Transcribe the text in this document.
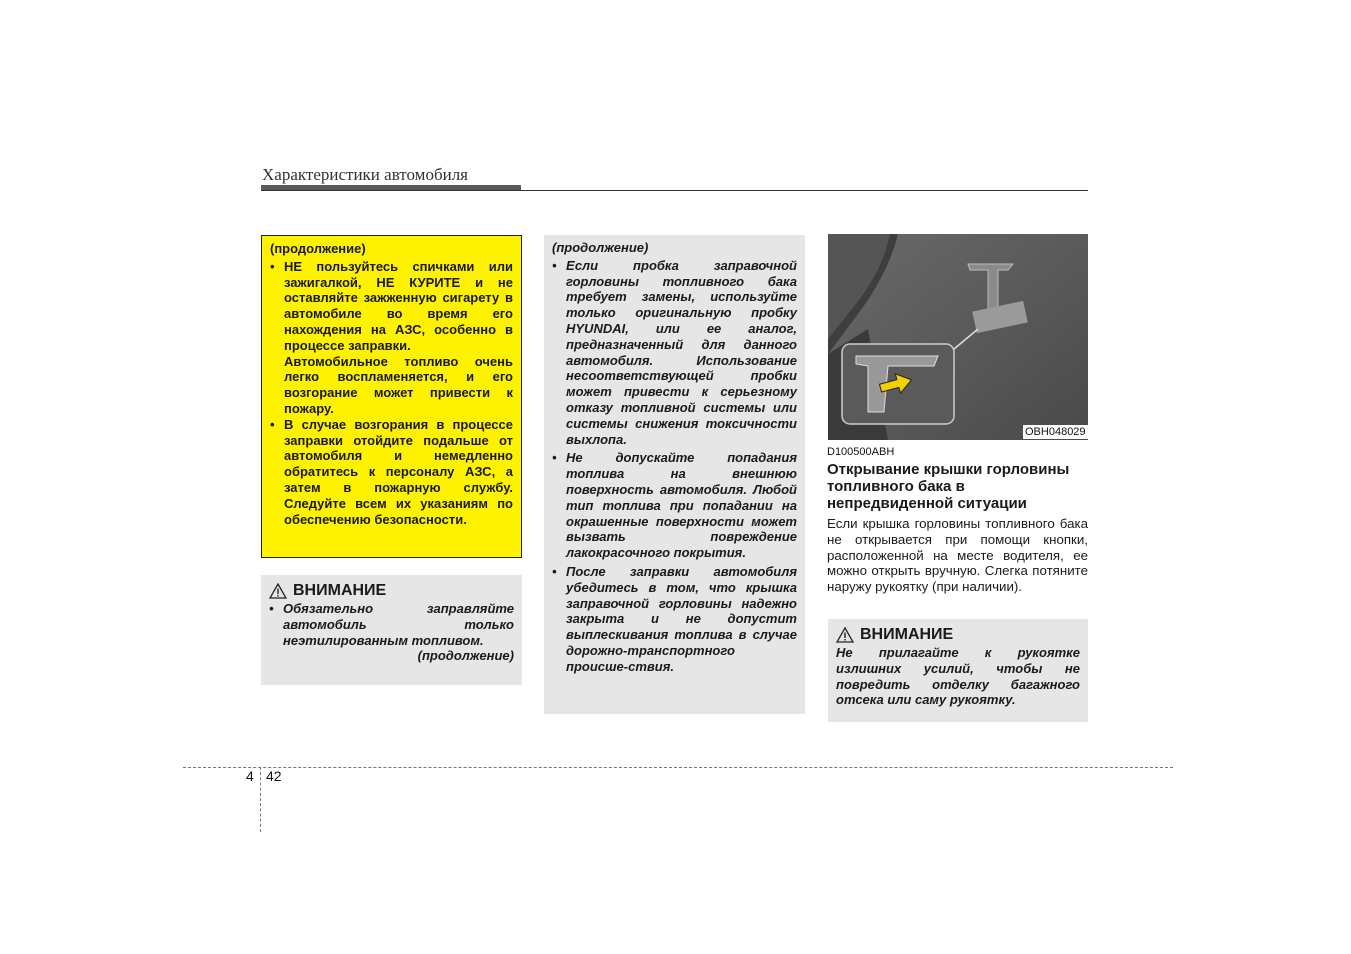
Характеристики автомобиля
(продолжение)
• НЕ пользуйтесь спичками или зажигалкой, НЕ КУРИТЕ и не оставляйте зажженную сигарету в автомобиле во время его нахождения на АЗС, особенно в процессе заправки.
Автомобильное топливо очень легко воспламеняется, и его возгорание может привести к пожару.
• В случае возгорания в процессе заправки отойдите подальше от автомобиля и немедленно обратитесь к персоналу АЗС, а затем в пожарную службу. Следуйте всем их указаниям по обеспечению безопасности.
ВНИМАНИЕ
• Обязательно заправляйте автомобиль только неэтилированным топливом.
(продолжение)
(продолжение)
• Если пробка заправочной горловины топливного бака требует замены, используйте только оригинальную пробку HYUNDAI, или ее аналог, предназначенный для данного автомобиля. Использование несоответствующей пробки может привести к серьезному отказу топливной системы или системы снижения токсичности выхлопа.
• Не допускайте попадания топлива на внешнюю поверхность автомобиля. Любой тип топлива при попадании на окрашенные поверхности может вызвать повреждение лакокрасочного покрытия.
• После заправки автомобиля убедитесь в том, что крышка заправочной горловины надежно закрыта и не допустит выплескивания топлива в случае дорожно-транспортного происше-ствия.
OBH048029
D100500ABH
Открывание крышки горловины топливного бака в непредвиденной ситуации
Если крышка горловины топливного бака не открывается при помощи кнопки, расположенной на месте водителя, ее можно открыть вручную. Слегка потяните наружу рукоятку (при наличии).
ВНИМАНИЕ
Не прилагайте к рукоятке излишних усилий, чтобы не повредить отделку багажного отсека или саму рукоятку.
4 42
